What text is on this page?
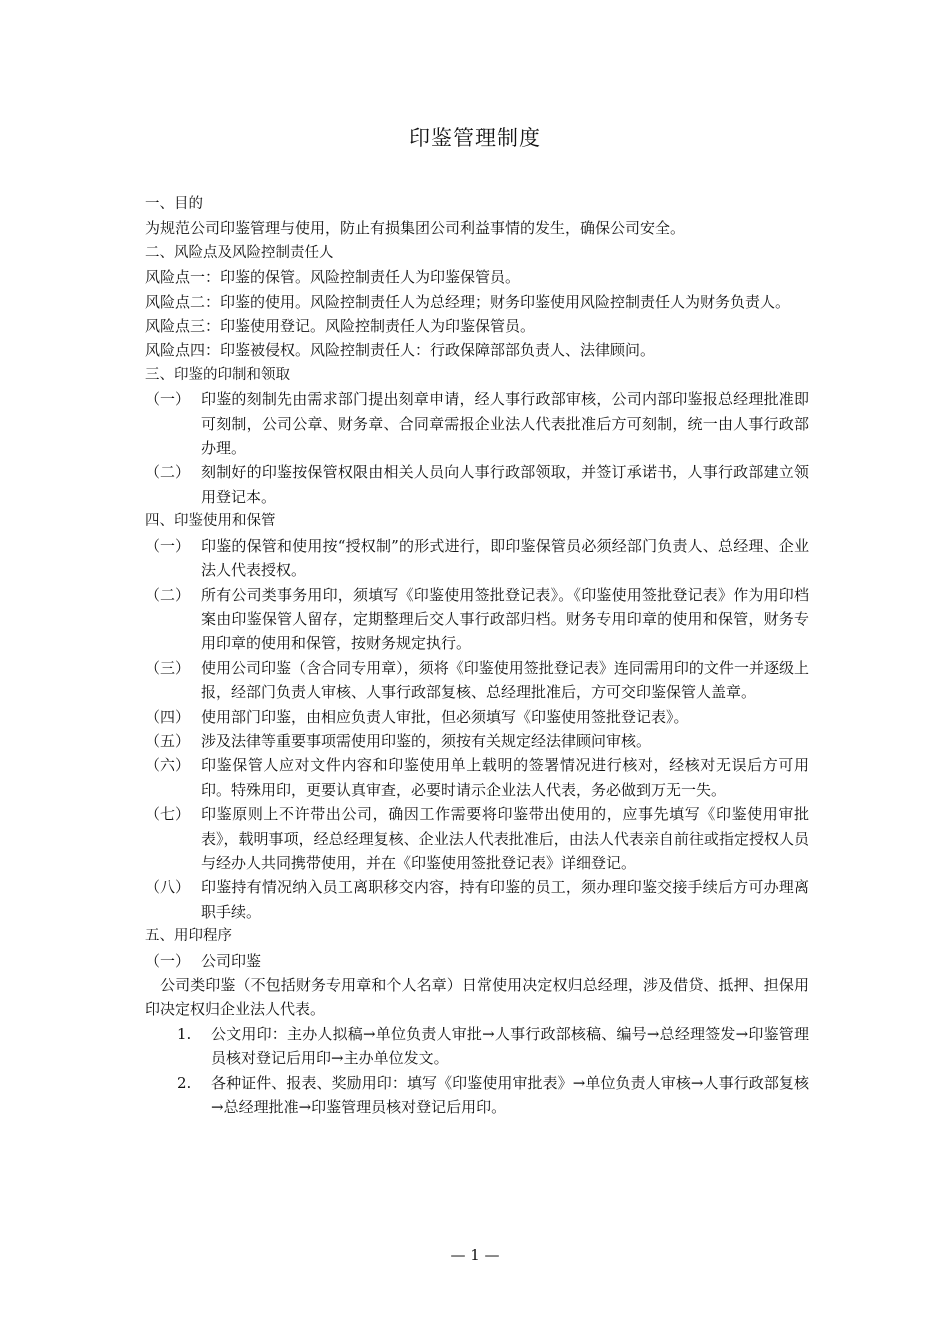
印鉴管理制度
一、目的
为规范公司印鉴管理与使用，防止有损集团公司利益事情的发生，确保公司安全。
二、风险点及风险控制责任人
风险点一：印鉴的保管。风险控制责任人为印鉴保管员。
风险点二：印鉴的使用。风险控制责任人为总经理；财务印鉴使用风险控制责任人为财务负责人。
风险点三：印鉴使用登记。风险控制责任人为印鉴保管员。
风险点四：印鉴被侵权。风险控制责任人：行政保障部部负责人、法律顾问。
三、印鉴的印制和领取
（一） 印鉴的刻制先由需求部门提出刻章申请，经人事行政部审核，公司内部印鉴报总经理批准即可刻制，公司公章、财务章、合同章需报企业法人代表批准后方可刻制，统一由人事行政部办理。
（二） 刻制好的印鉴按保管权限由相关人员向人事行政部领取，并签订承诺书，人事行政部建立领用登记本。
四、印鉴使用和保管
（一） 印鉴的保管和使用按“授权制”的形式进行，即印鉴保管员必须经部门负责人、总经理、企业法人代表授权。
（二） 所有公司类事务用印，须填写《印鉴使用签批登记表》。《印鉴使用签批登记表》作为用印档案由印鉴保管人留存，定期整理后交人事行政部归档。财务专用印章的使用和保管，财务专用印章的使用和保管，按财务规定执行。
（三） 使用公司印鉴（含合同专用章），须将《印鉴使用签批登记表》连同需用印的文件一并逐级上报，经部门负责人审核、人事行政部复核、总经理批准后，方可交印鉴保管人盖章。
（四） 使用部门印鉴，由相应负责人审批，但必须填写《印鉴使用签批登记表》。
（五） 涉及法律等重要事项需使用印鉴的，须按有关规定经法律顾问审核。
（六） 印鉴保管人应对文件内容和印鉴使用单上载明的签署情况进行核对，经核对无误后方可用印。特殊用印，更要认真审查，必要时请示企业法人代表，务必做到万无一失。
（七） 印鉴原则上不许带出公司，确因工作需要将印鉴带出使用的，应事先填写《印鉴使用审批表》，载明事项，经总经理复核、企业法人代表批准后，由法人代表亲自前往或指定授权人员与经办人共同携带使用，并在《印鉴使用签批登记表》详细登记。
（八） 印鉴持有情况纳入员工离职移交内容，持有印鉴的员工，须办理印鉴交接手续后方可办理离职手续。
五、用印程序
（一） 公司印鉴
公司类印鉴（不包括财务专用章和个人名章）日常使用决定权归总经理，涉及借贷、抵押、担保用印决定权归企业法人代表。
1.	公文用印：主办人拟稿→单位负责人审批→人事行政部核稿、编号→总经理签发→印鉴管理员核对登记后用印→主办单位发文。
2.	各种证件、报表、奖励用印：填写《印鉴使用审批表》→单位负责人审核→人事行政部复核→总经理批准→印鉴管理员核对登记后用印。
— 1 —
